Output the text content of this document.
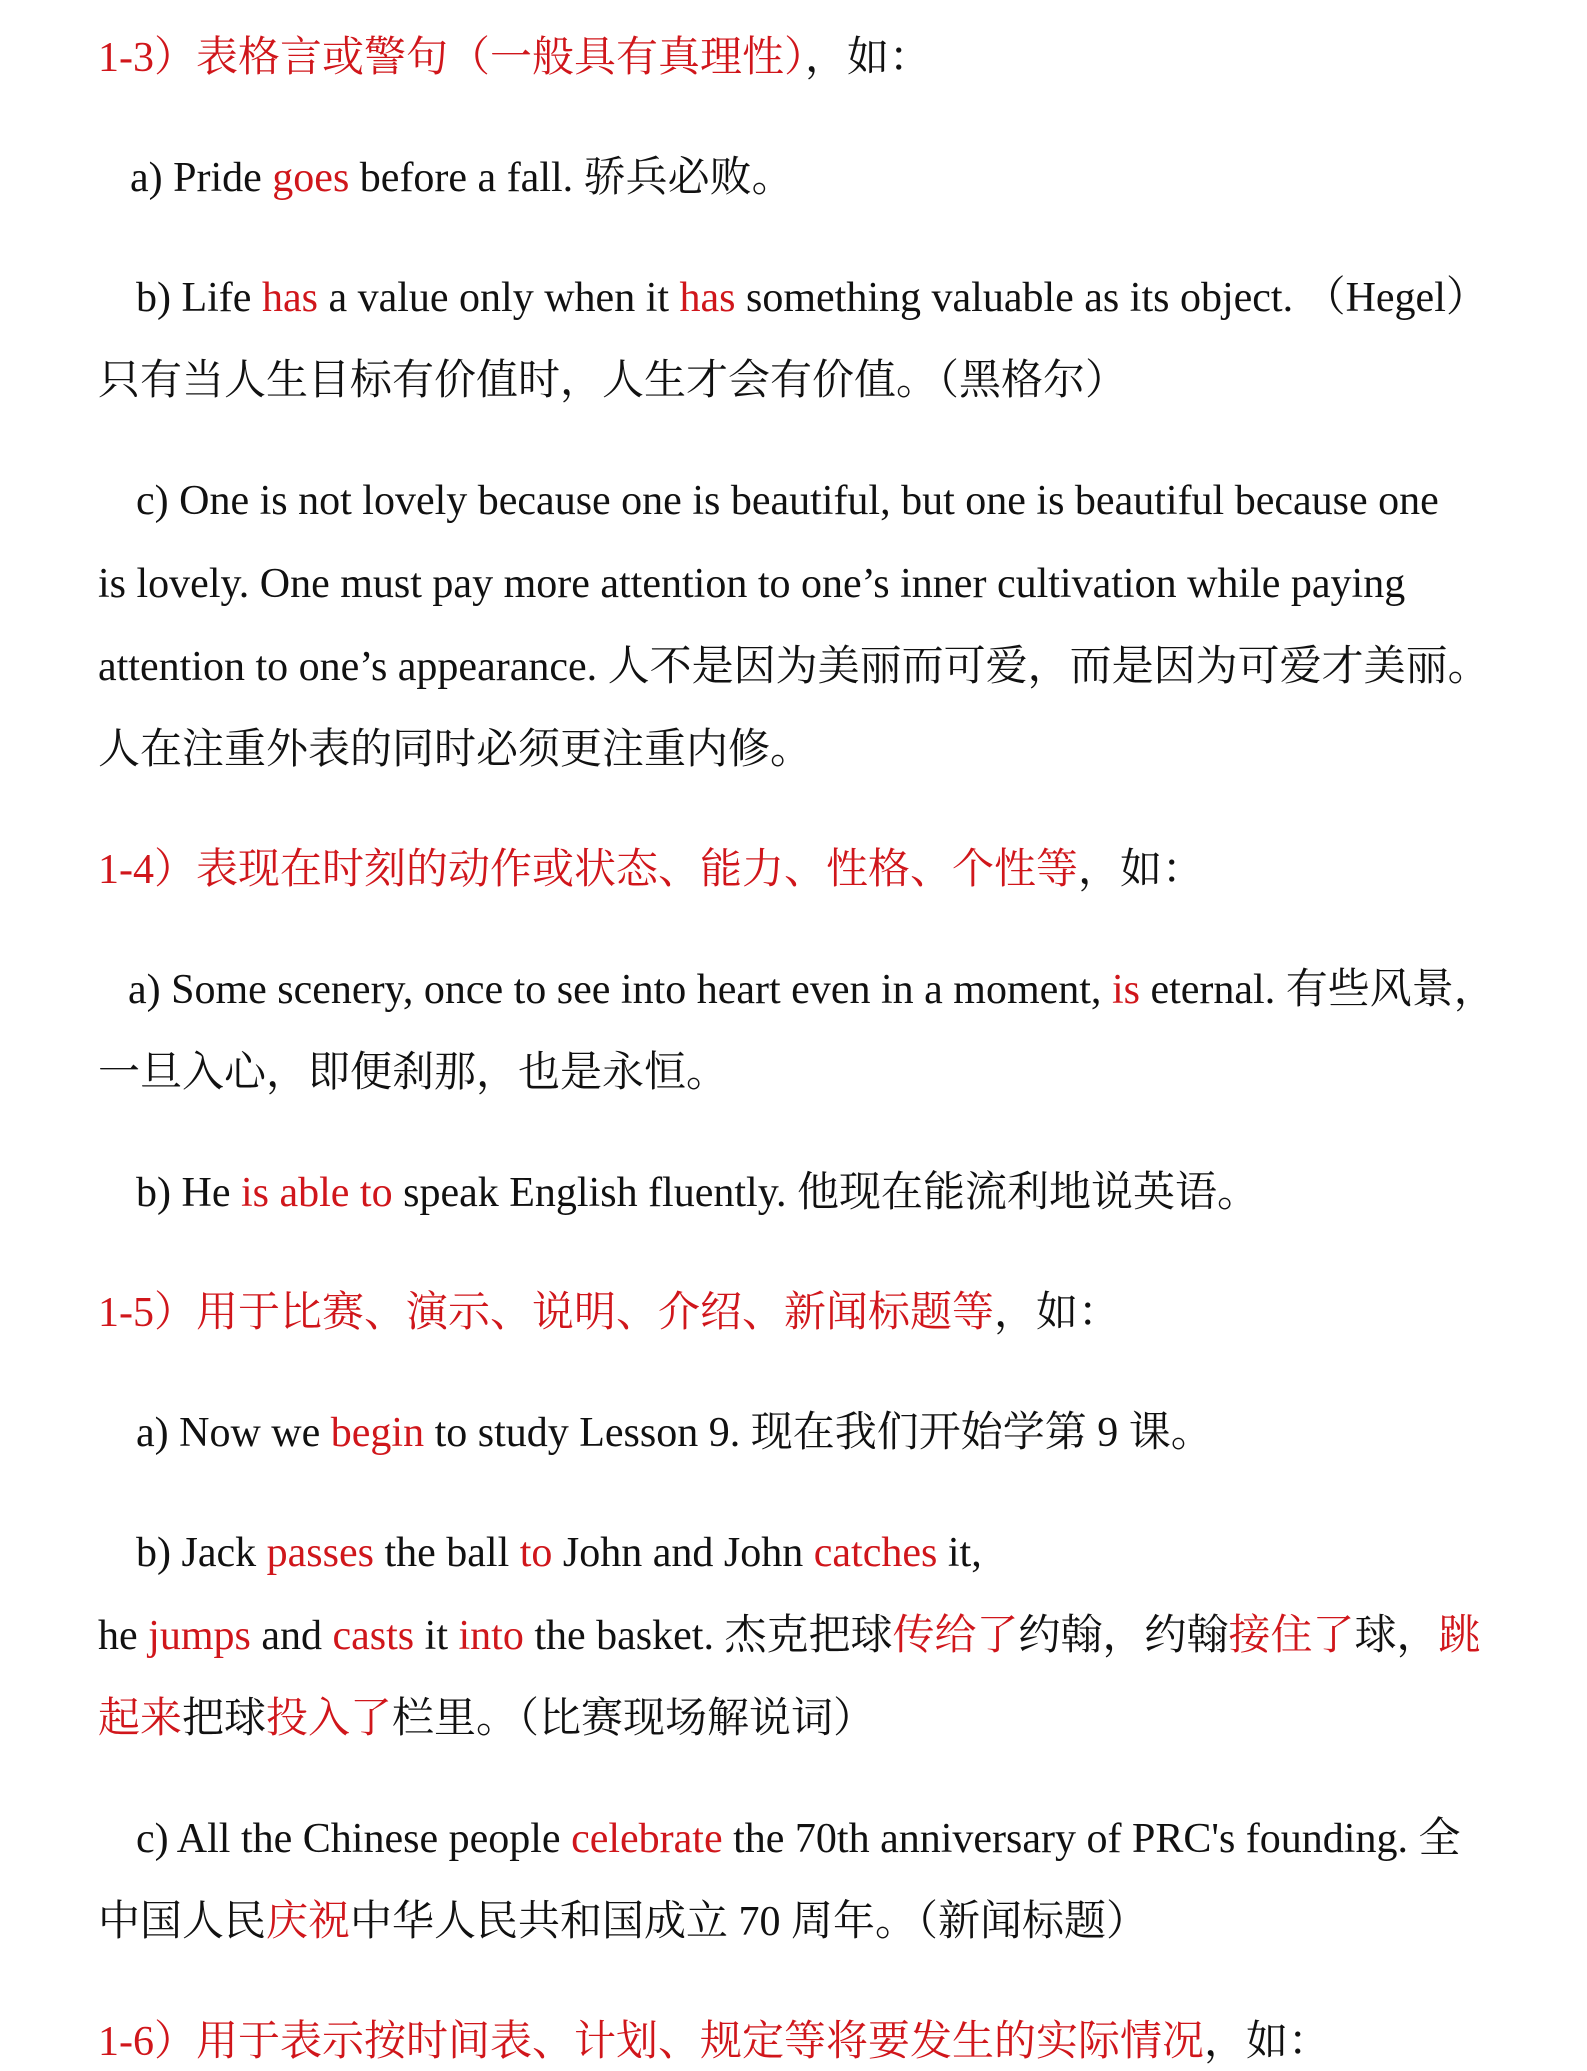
1-3）表格言或警句（一般具有真理性），如：
a) Pride goes before a fall. 骄兵必败。
b) Life has a value only when it has something valuable as its object. （Hegel）
只有当人生目标有价值时，人生才会有价值。（黑格尔）
c) One is not lovely because one is beautiful, but one is beautiful because one
is lovely. One must pay more attention to one’s inner cultivation while paying
attention to one’s appearance. 人不是因为美丽而可爱，而是因为可爱才美丽。
人在注重外表的同时必须更注重内修。
1-4）表现在时刻的动作或状态、能力、性格、个性等，如：
a) Some scenery, once to see into heart even in a moment, is eternal. 有些风景，
一旦入心，即便刹那，也是永恒。
b) He is able to speak English fluently. 他现在能流利地说英语。
1-5）用于比赛、演示、说明、介绍、新闻标题等，如：
a) Now we begin to study Lesson 9. 现在我们开始学第 9 课。
b) Jack passes the ball to John and John catches it,
he jumps and casts it into the basket. 杰克把球传给了约翰，约翰接住了球，跳
起来把球投入了栏里。（比赛现场解说词）
c) All the Chinese people celebrate the 70th anniversary of PRC's founding. 全
中国人民庆祝中华人民共和国成立 70 周年。（新闻标题）
1-6）用于表示按时间表、计划、规定等将要发生的实际情况，如：
